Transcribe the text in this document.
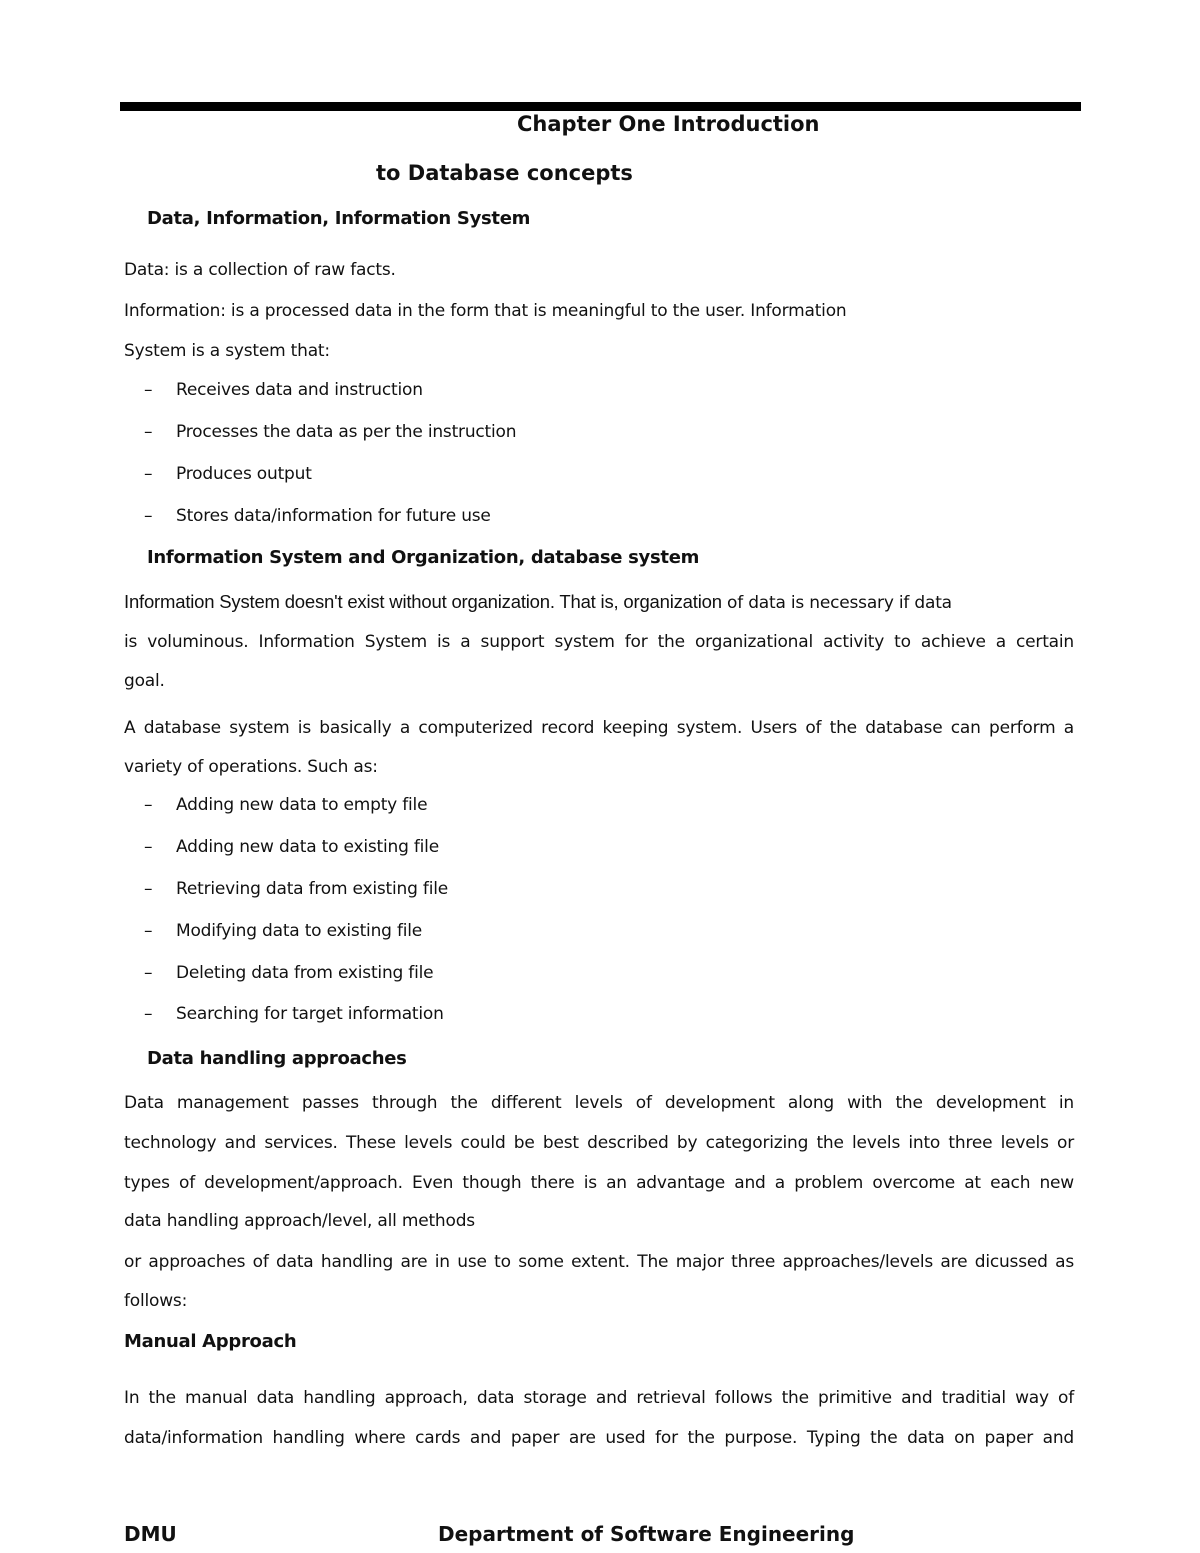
Chapter One Introduction
to Database concepts
Data, Information, Information System
Data: is a collection of raw facts.
Information: is a processed data in the form that is meaningful to the user. Information
System is a system that:
– Receives data and instruction
– Processes the data as per the instruction
– Produces output
– Stores data/information for future use
Information System and Organization, database system
Information System doesn't exist without organization. That is, organization of data is necessary if data
is voluminous. Information System is a support system for the organizational activity to achieve a certain
goal.
A database system is basically a computerized record keeping system. Users of the database can perform a
variety of operations. Such as:
– Adding new data to empty file
– Adding new data to existing file
– Retrieving data from existing file
– Modifying data to existing file
– Deleting data from existing file
– Searching for target information
Data handling approaches
Data management passes through the different levels of development along with the development in
technology and services. These levels could be best described by categorizing the levels into three levels or
types of development/approach. Even though there is an advantage and a problem overcome at each new
data handling approach/level, all methods
or approaches of data handling are in use to some extent. The major three approaches/levels are dicussed as
follows:
Manual Approach
In the manual data handling approach, data storage and retrieval follows the primitive and traditial way of
data/information handling where cards and paper are used for the purpose. Typing the data on paper and
DMU	Department of Software Engineering
